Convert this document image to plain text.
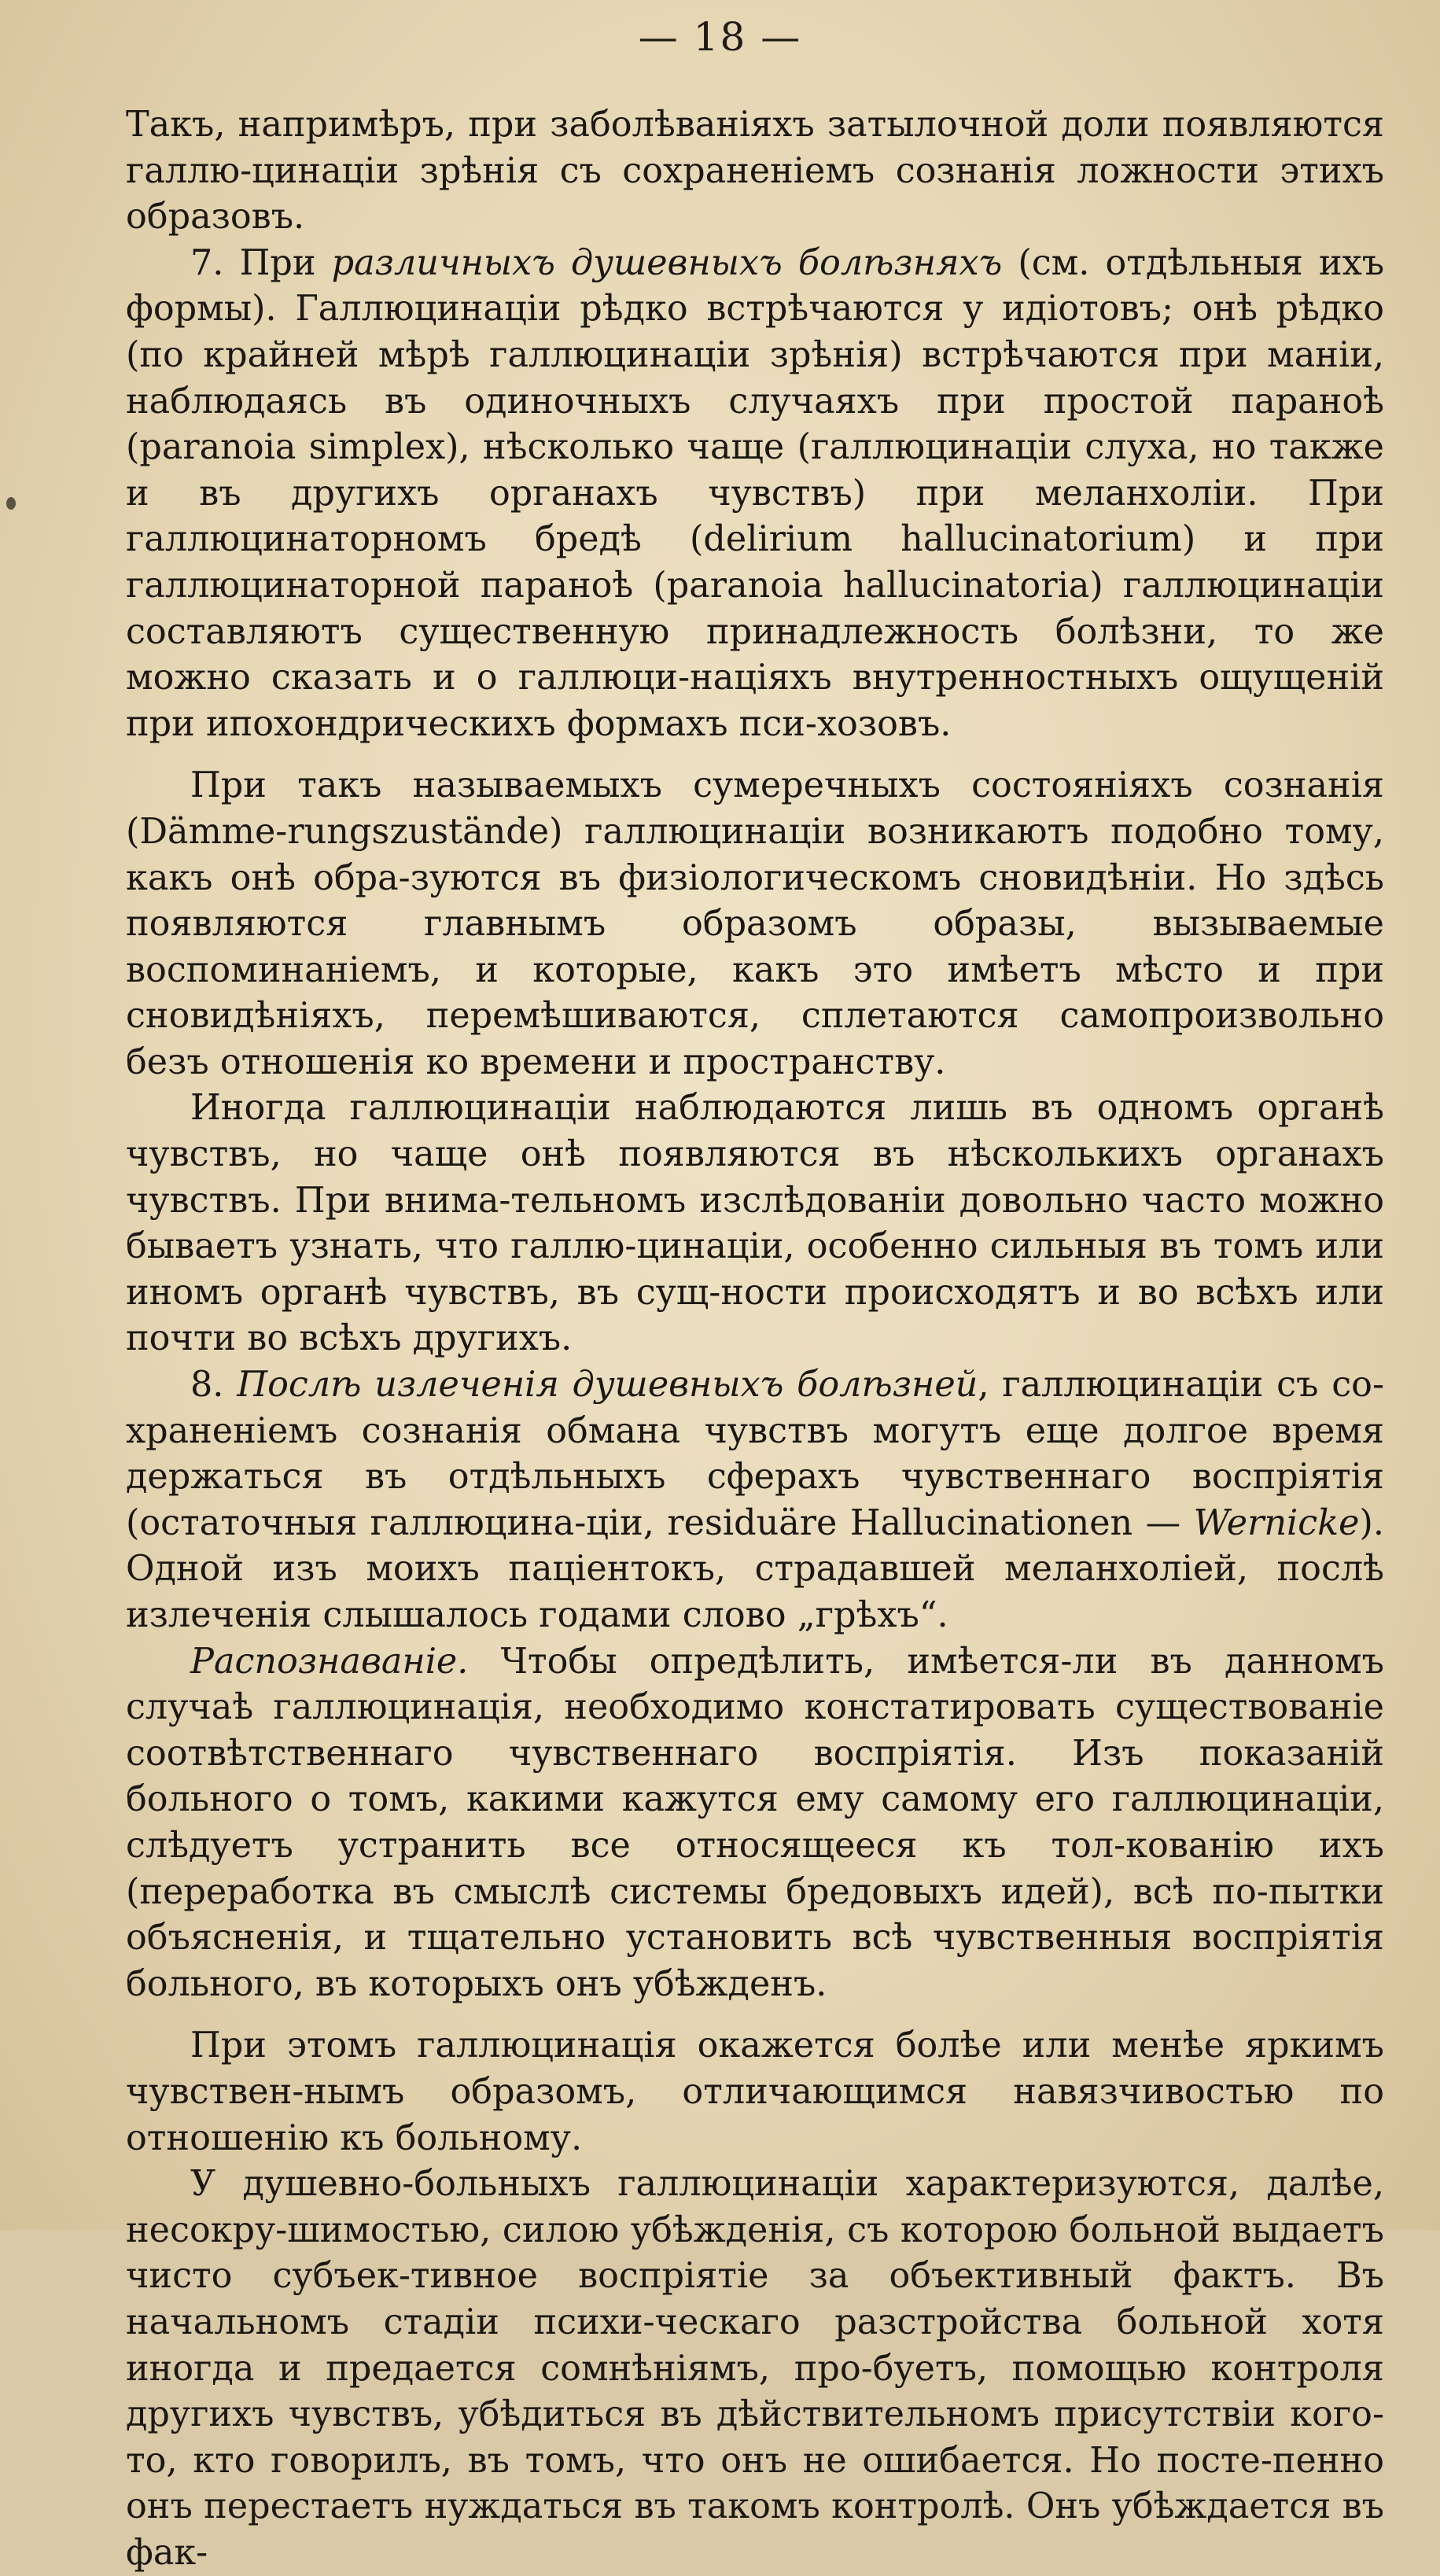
— 18 —

Такъ, напримѣръ, при заболѣваніяхъ затылочной доли появляются галлю-цинаціи зрѣнія съ сохраненіемъ сознанія ложности этихъ образовъ.

7. При различныхъ душевныхъ болѣзняхъ (см. отдѣльныя ихъ формы). Галлюцинаціи рѣдко встрѣчаются у идіотовъ; онѣ рѣдко (по крайней мѣрѣ галлюцинаціи зрѣнія) встрѣчаются при маніи, наблюдаясь въ одиночныхъ случаяхъ при простой паранoѣ (paranoia simplex), нѣсколько чаще (галлюцинаціи слуха, но также и въ другихъ органахъ чувствъ) при меланхоліи. При галлюцинаторномъ бредѣ (delirium hallucinatorium) и при галлюцинаторной паранoѣ (paranoia hallucinatoria) галлюцинаціи составляютъ существенную принадлежность болѣзни, то же можно сказать и о галлюци-націяхъ внутренностныхъ ощущеній при ипохондрическихъ формахъ пси-хозовъ.

При такъ называемыхъ сумеречныхъ состояніяхъ сознанія (Dämme-rungszustände) галлюцинаціи возникаютъ подобно тому, какъ онѣ обра-зуются въ физіологическомъ сновидѣніи. Но здѣсь появляются главнымъ образомъ образы, вызываемые воспоминаніемъ, и которые, какъ это имѣетъ мѣсто и при сновидѣніяхъ, перемѣшиваются, сплетаются самопроизвольно безъ отношенія ко времени и пространству.

Иногда галлюцинаціи наблюдаются лишь въ одномъ органѣ чувствъ, но чаще онѣ появляются въ нѣсколькихъ органахъ чувствъ. При внима-тельномъ изслѣдованіи довольно часто можно бываетъ узнать, что галлю-цинаціи, особенно сильныя въ томъ или иномъ органѣ чувствъ, въ сущ-ности происходятъ и во всѣхъ или почти во всѣхъ другихъ.

8. Послѣ излеченія душевныхъ болѣзней, галлюцинаціи съ со-храненіемъ сознанія обмана чувствъ могутъ еще долгое время держаться въ отдѣльныхъ сферахъ чувственнаго воспріятія (остаточныя галлюцина-ціи, residuäre Hallucinationen — Wernicke). Одной изъ моихъ паціентокъ, страдавшей меланхоліей, послѣ излеченія слышалось годами слово „грѣхъ“.

Распознаваніе. Чтобы опредѣлить, имѣется-ли въ данномъ случаѣ галлюцинація, необходимо констатировать существованіе соотвѣтственнаго чувственнаго воспріятія. Изъ показаній больного о томъ, какими кажутся ему самому его галлюцинаціи, слѣдуетъ устранить все относящееся къ тол-кованію ихъ (переработка въ смыслѣ системы бредовыхъ идей), всѣ по-пытки объясненія, и тщательно установить всѣ чувственныя воспріятія больного, въ которыхъ онъ убѣжденъ.

При этомъ галлюцинація окажется болѣе или менѣе яркимъ чувствен-нымъ образомъ, отличающимся навязчивостью по отношенію къ больному.

У душевно-больныхъ галлюцинаціи характеризуются, далѣе, несокру-шимостью, силою убѣжденія, съ которою больной выдаетъ чисто субъек-тивное воспріятіе за объективный фактъ. Въ начальномъ стадіи психи-ческаго разстройства больной хотя иногда и предается сомнѣніямъ, про-буетъ, помощью контроля другихъ чувствъ, убѣдиться въ дѣйствительномъ присутствіи кого-то, кто говорилъ, въ томъ, что онъ не ошибается. Но посте-пенно онъ перестаетъ нуждаться въ такомъ контролѣ. Онъ убѣждается въ фак-
